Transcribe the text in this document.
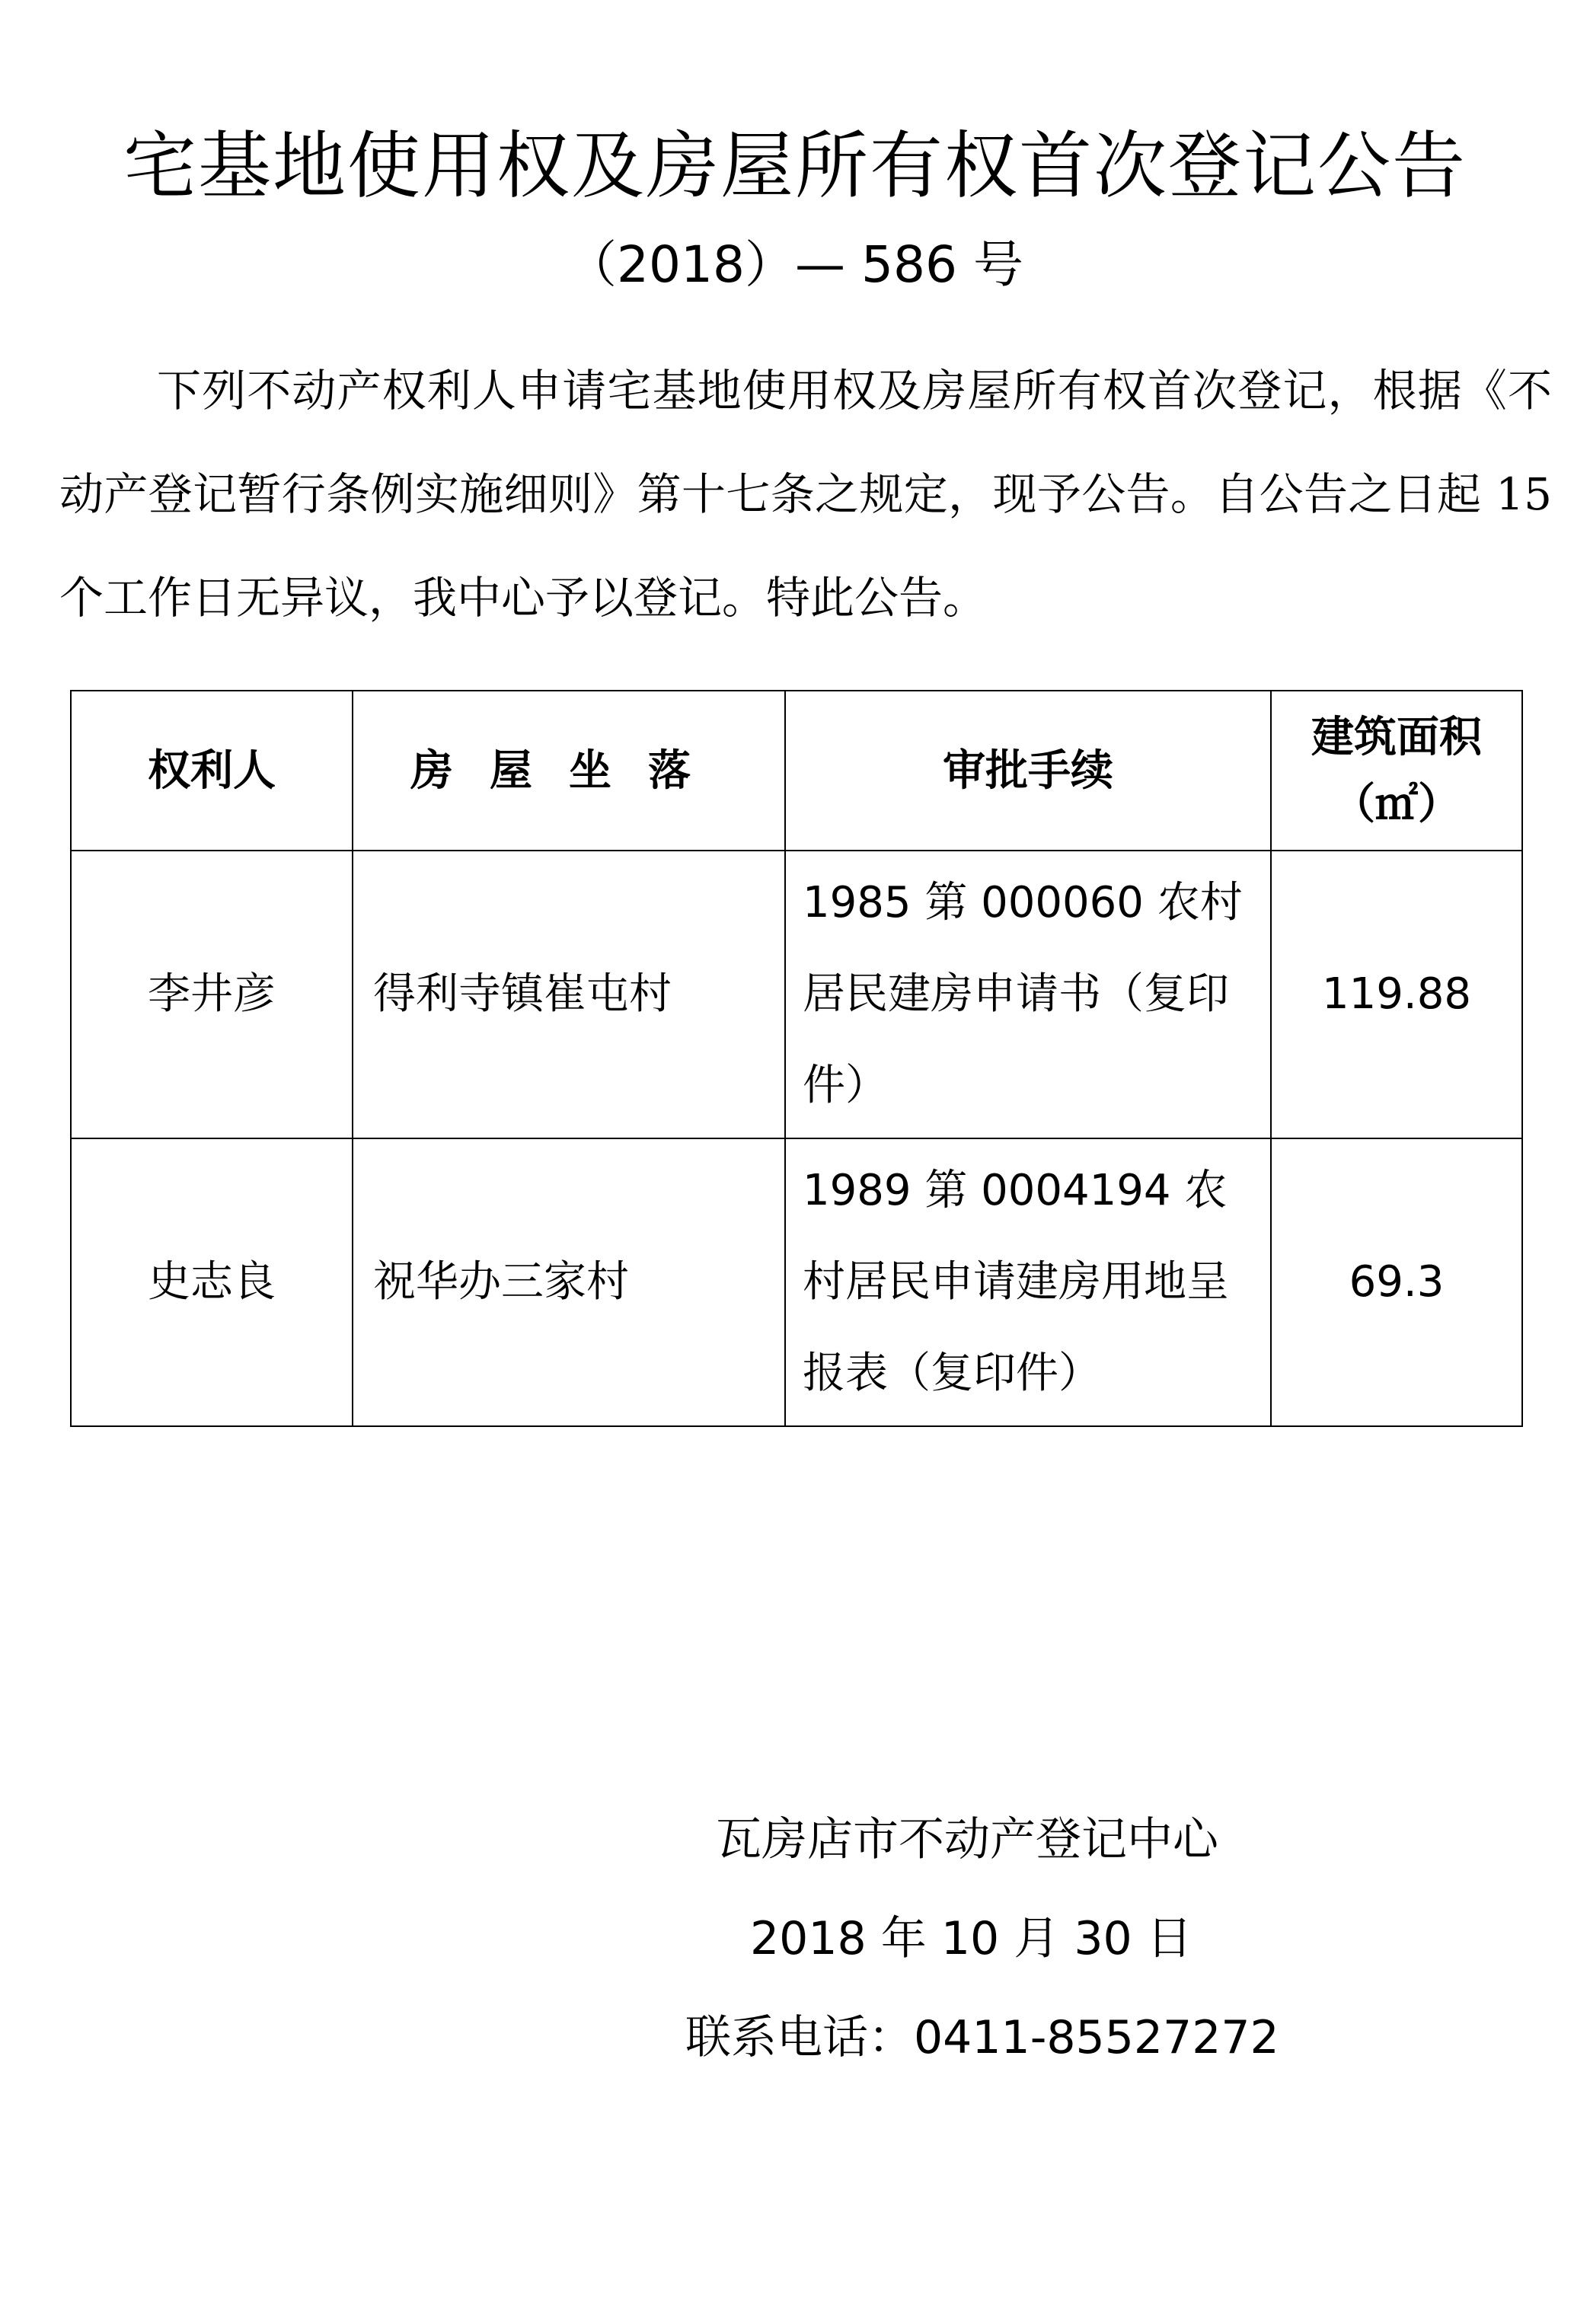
宅基地使用权及房屋所有权首次登记公告
（2018）— 586 号

下列不动产权利人申请宅基地使用权及房屋所有权首次登记，根据《不动产登记暂行条例实施细则》第十七条之规定，现予公告。自公告之日起 15 个工作日无异议，我中心予以登记。特此公告。

权利人	房屋坐落	审批手续	建筑面积
（㎡）

李井彦	得利寺镇崔屯村	1985 第 000060 农村居民建房申请书（复印件）	119.88
史志良	祝华办三家村	1989 第 0004194 农村居民申请建房用地呈报表（复印件）	69.3
瓦房店市不动产登记中心
2018 年 10 月 30 日
联系电话：0411-85527272
